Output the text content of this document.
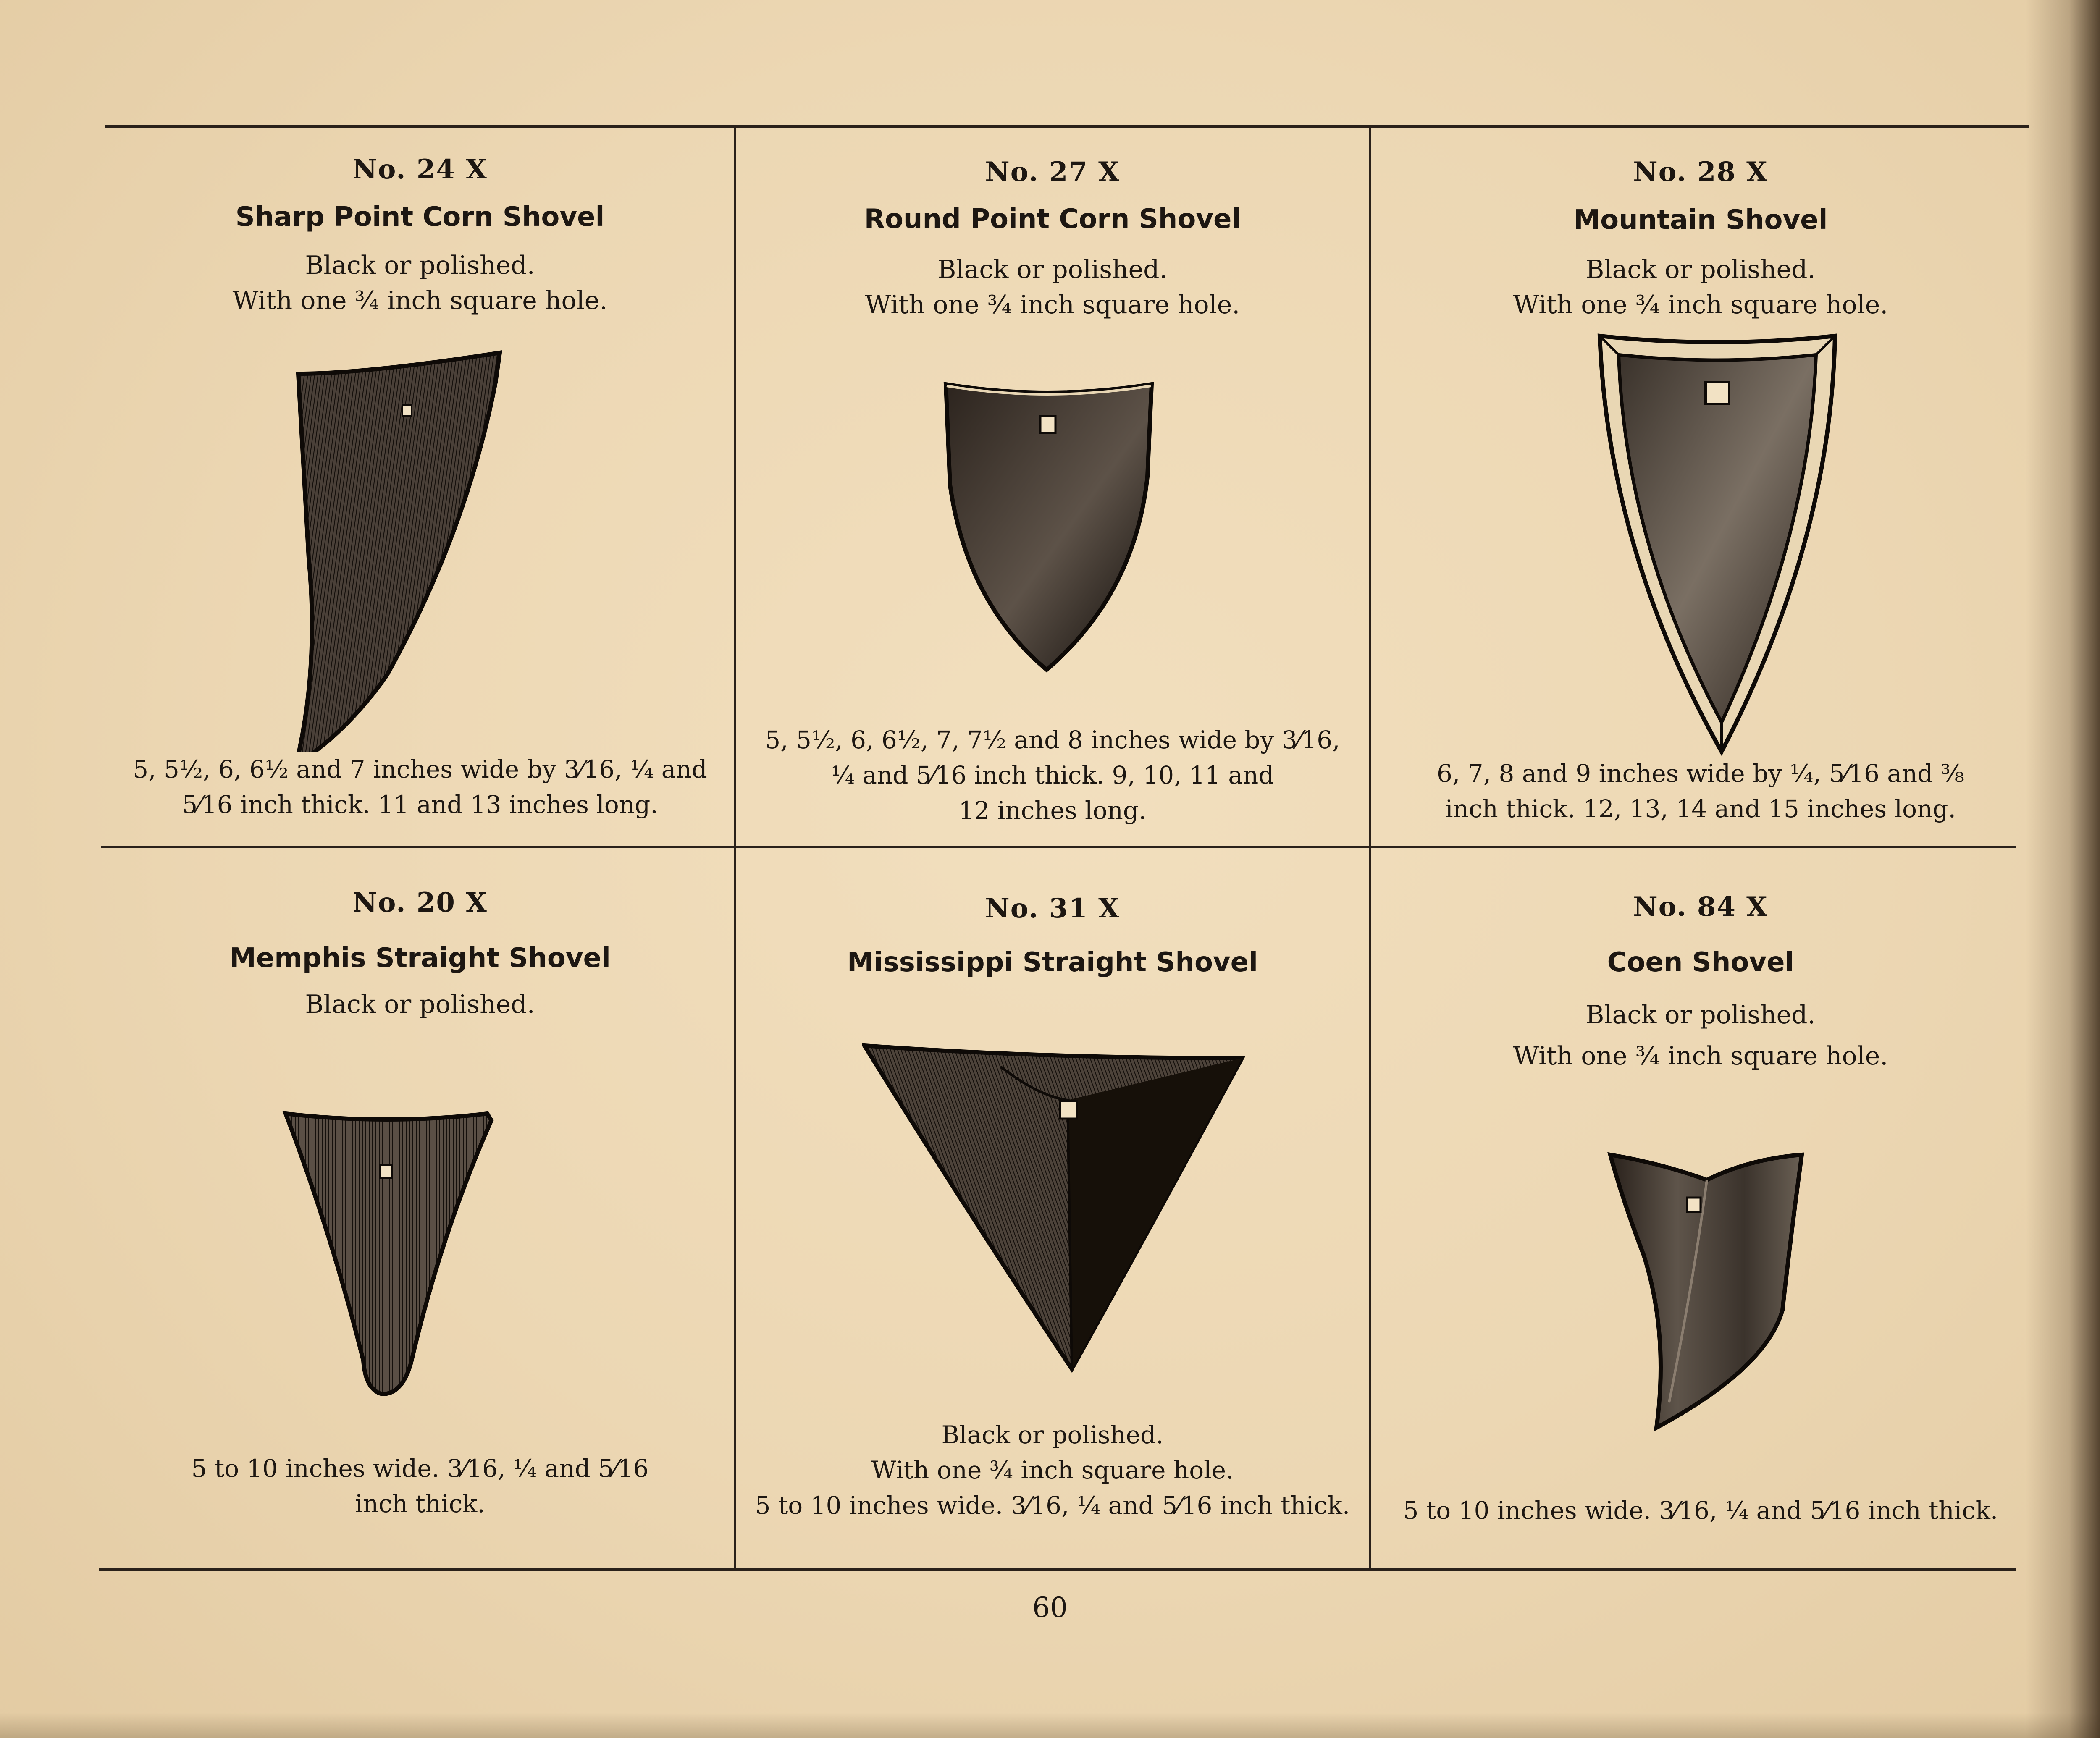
No. 24 X
Sharp Point Corn Shovel
Black or polished.
With one ¾ inch square hole.
5, 5½, 6, 6½ and 7 inches wide by 3⁄16, ¼ and
5⁄16 inch thick. 11 and 13 inches long.
No. 27 X
Round Point Corn Shovel
Black or polished.
With one ¾ inch square hole.
5, 5½, 6, 6½, 7, 7½ and 8 inches wide by 3⁄16,
¼ and 5⁄16 inch thick. 9, 10, 11 and
12 inches long.
No. 28 X
Mountain Shovel
Black or polished.
With one ¾ inch square hole.
6, 7, 8 and 9 inches wide by ¼, 5⁄16 and ⅜
inch thick. 12, 13, 14 and 15 inches long.
No. 20 X
Memphis Straight Shovel
Black or polished.
5 to 10 inches wide. 3⁄16, ¼ and 5⁄16
inch thick.
No. 31 X
Mississippi Straight Shovel
Black or polished.
With one ¾ inch square hole.
5 to 10 inches wide. 3⁄16, ¼ and 5⁄16 inch thick.
No. 84 X
Coen Shovel
Black or polished.
With one ¾ inch square hole.
5 to 10 inches wide. 3⁄16, ¼ and 5⁄16 inch thick.
60
